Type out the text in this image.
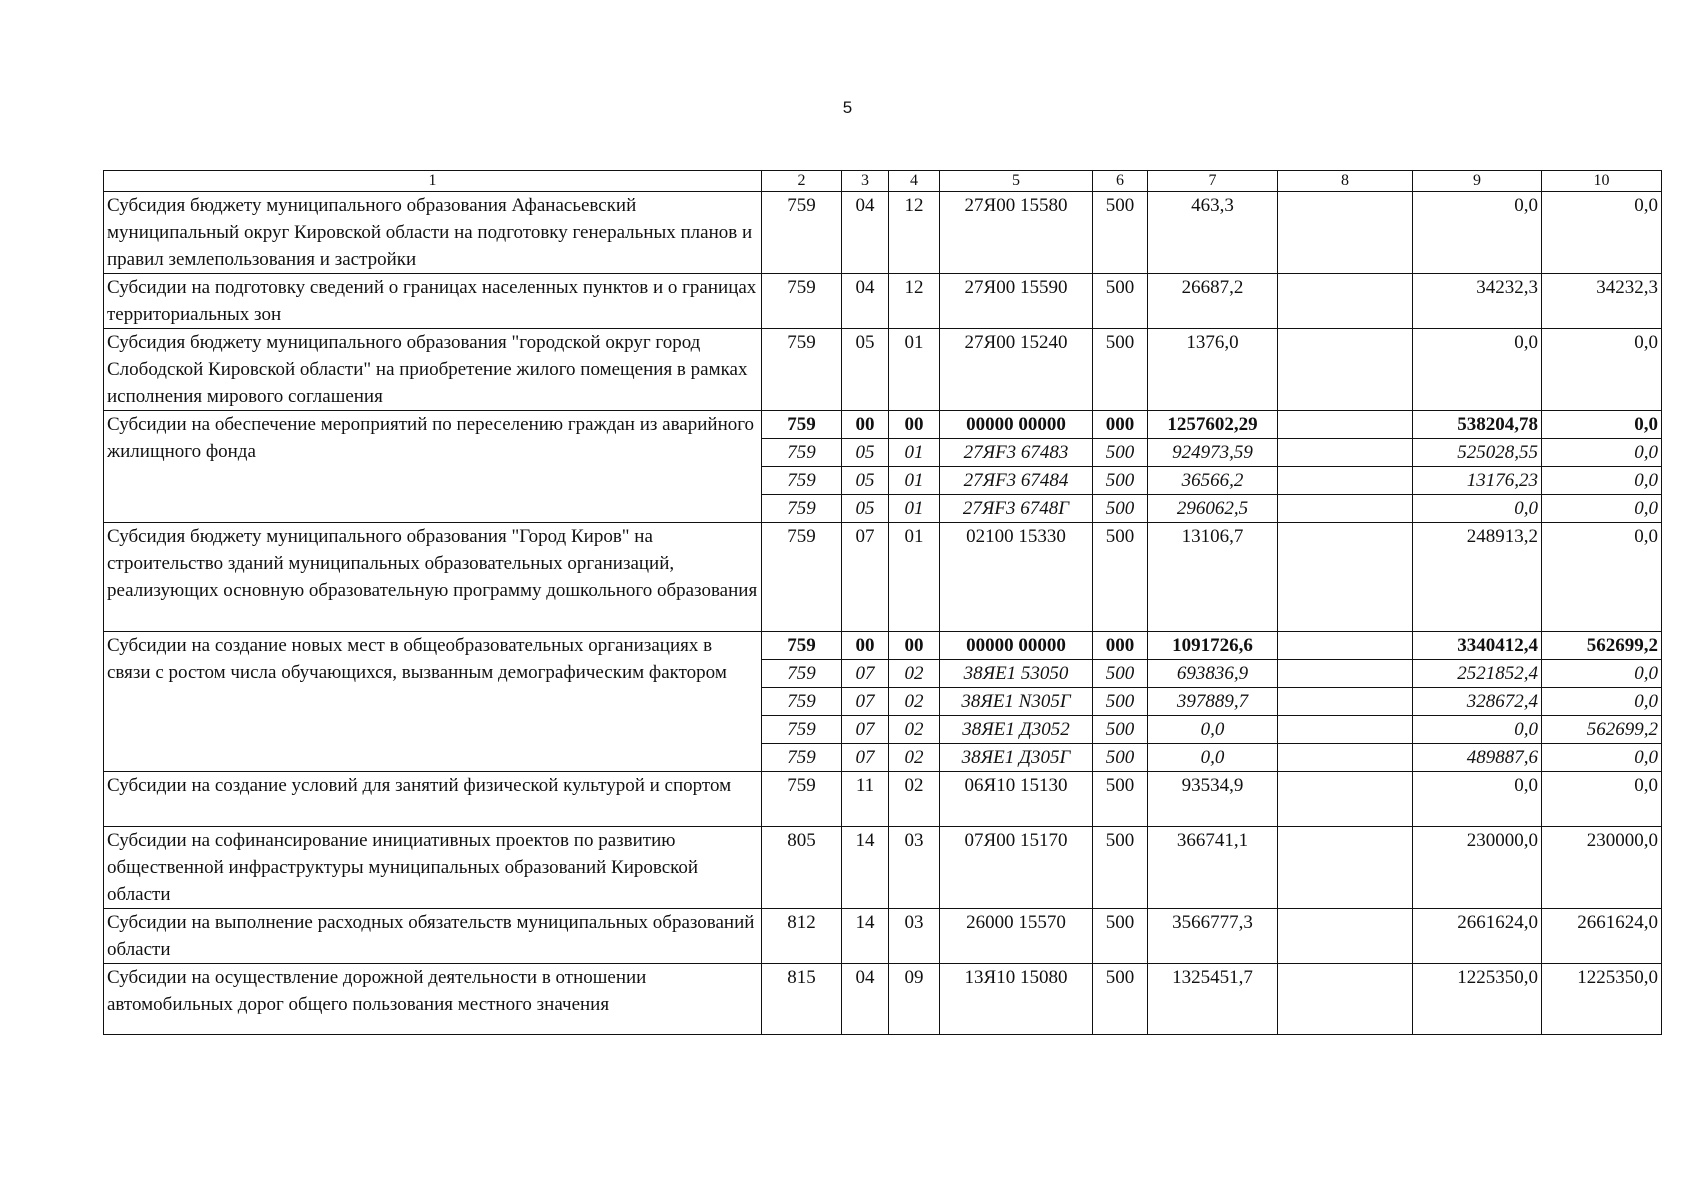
5
1	2	3	4	5	6	7	8	9	10
Субсидия бюджету муниципального образования Афанасьевский муниципальный округ Кировской области на подготовку генеральных планов и правил землепользования и застройки	759	04	12	27Я00 15580	500	463,3		0,0	0,0
Субсидии на подготовку сведений о границах населенных пунктов и о границах территориальных зон	759	04	12	27Я00 15590	500	26687,2		34232,3	34232,3
Субсидия бюджету муниципального образования "городской округ город Слободской Кировской области" на приобретение жилого помещения в рамках исполнения мирового соглашения	759	05	01	27Я00 15240	500	1376,0		0,0	0,0
Субсидии на обеспечение мероприятий по переселению граждан из аварийного жилищного фонда	759	00	00	00000 00000	000	1257602,29		538204,78	0,0
	759	05	01	27ЯF3 67483	500	924973,59		525028,55	0,0
	759	05	01	27ЯF3 67484	500	36566,2		13176,23	0,0
	759	05	01	27ЯF3 6748Г	500	296062,5		0,0	0,0
Субсидия бюджету муниципального образования "Город Киров" на строительство зданий муниципальных образовательных организаций, реализующих основную образовательную программу дошкольного образования	759	07	01	02100 15330	500	13106,7		248913,2	0,0
Субсидии на создание новых мест в общеобразовательных организациях в связи с ростом числа обучающихся, вызванным демографическим фактором	759	00	00	00000 00000	000	1091726,6		3340412,4	562699,2
	759	07	02	38ЯЕ1 53050	500	693836,9		2521852,4	0,0
	759	07	02	38ЯЕ1 N305Г	500	397889,7		328672,4	0,0
	759	07	02	38ЯЕ1 Д3052	500	0,0		0,0	562699,2
	759	07	02	38ЯЕ1 Д305Г	500	0,0		489887,6	0,0
Субсидии на создание условий для занятий физической культурой и спортом	759	11	02	06Я10 15130	500	93534,9		0,0	0,0
Субсидии на софинансирование инициативных проектов по развитию общественной инфраструктуры муниципальных образований Кировской области	805	14	03	07Я00 15170	500	366741,1		230000,0	230000,0
Субсидии на выполнение расходных обязательств муниципальных образований области	812	14	03	26000 15570	500	3566777,3		2661624,0	2661624,0
Субсидии на осуществление дорожной деятельности в отношении автомобильных дорог общего пользования местного значения	815	04	09	13Я10 15080	500	1325451,7		1225350,0	1225350,0
